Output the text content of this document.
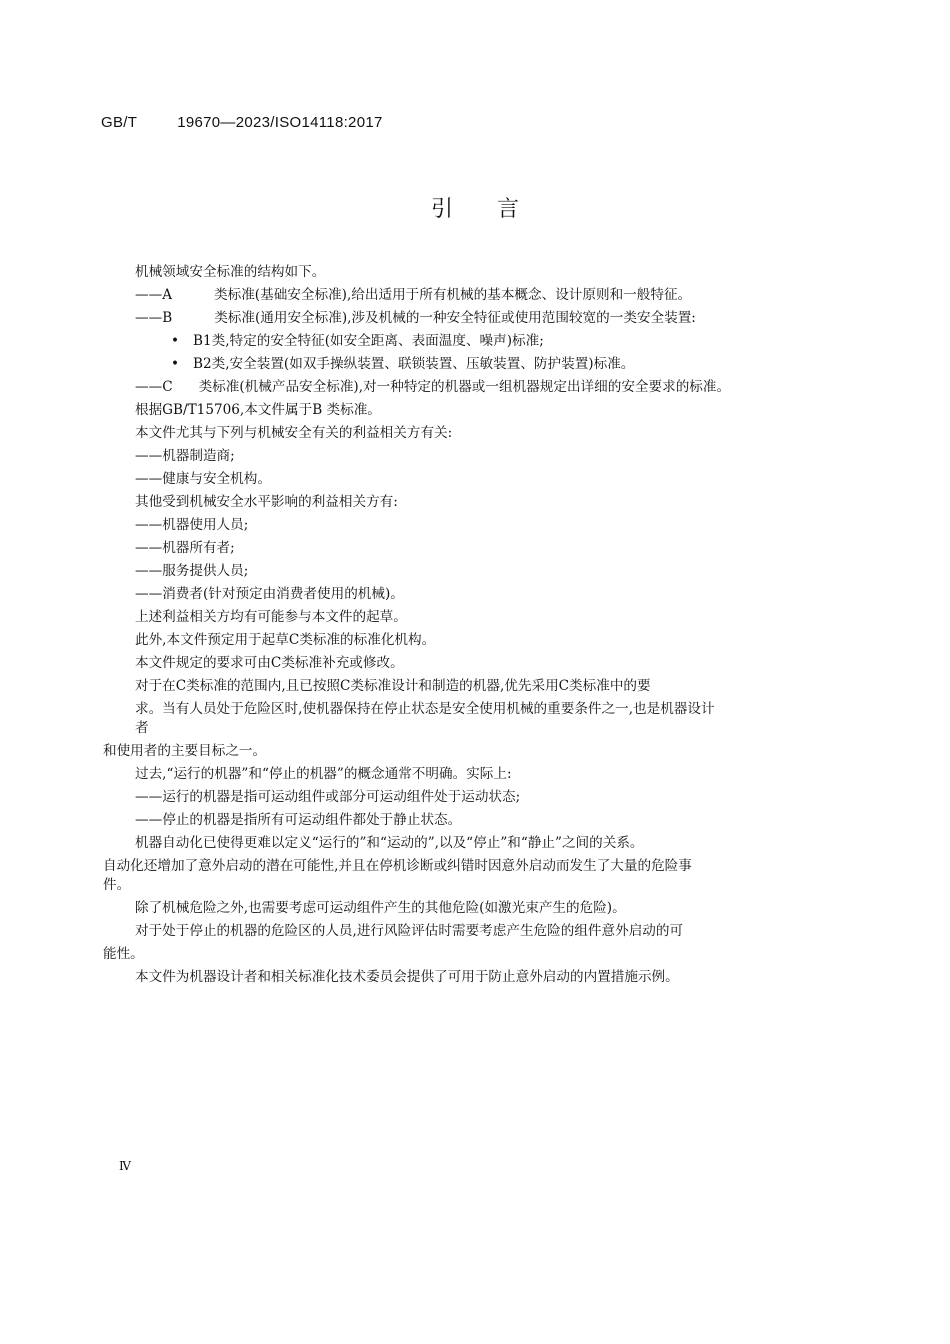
GB/T	19670—2023/ISO14118:2017
引言
机械领域安全标准的结构如下。
——A	类标准(基础安全标准),给出适用于所有机械的基本概念、设计原则和一般特征。
——B	类标准(通用安全标准),涉及机械的一种安全特征或使用范围较宽的一类安全装置:
• B1类,特定的安全特征(如安全距离、表面温度、噪声)标准;
• B2类,安全装置(如双手操纵装置、联锁装置、压敏装置、防护装置)标准。
——C 类标准(机械产品安全标准),对一种特定的机器或一组机器规定出详细的安全要求的标准。
根据GB/T15706,本文件属于B 类标准。
本文件尤其与下列与机械安全有关的利益相关方有关:
——机器制造商;
——健康与安全机构。
其他受到机械安全水平影响的利益相关方有:
——机器使用人员;
——机器所有者;
——服务提供人员;
——消费者(针对预定由消费者使用的机械)。
上述利益相关方均有可能参与本文件的起草。
此外,本文件预定用于起草C类标准的标准化机构。
本文件规定的要求可由C类标准补充或修改。
对于在C类标准的范围内,且已按照C类标准设计和制造的机器,优先采用C类标准中的要
求。当有人员处于危险区时,使机器保持在停止状态是安全使用机械的重要条件之一,也是机器设计
者
和使用者的主要目标之一。
过去,“运行的机器”和“停止的机器”的概念通常不明确。实际上:
——运行的机器是指可运动组件或部分可运动组件处于运动状态;
——停止的机器是指所有可运动组件都处于静止状态。
机器自动化已使得更难以定义“运行的”和“运动的”,以及“停止”和“静止”之间的关系。
自动化还增加了意外启动的潜在可能性,并且在停机诊断或纠错时因意外启动而发生了大量的危险事
件。
除了机械危险之外,也需要考虑可运动组件产生的其他危险(如激光束产生的危险)。
对于处于停止的机器的危险区的人员,进行风险评估时需要考虑产生危险的组件意外启动的可
能性。
本文件为机器设计者和相关标准化技术委员会提供了可用于防止意外启动的内置措施示例。
Ⅳ
